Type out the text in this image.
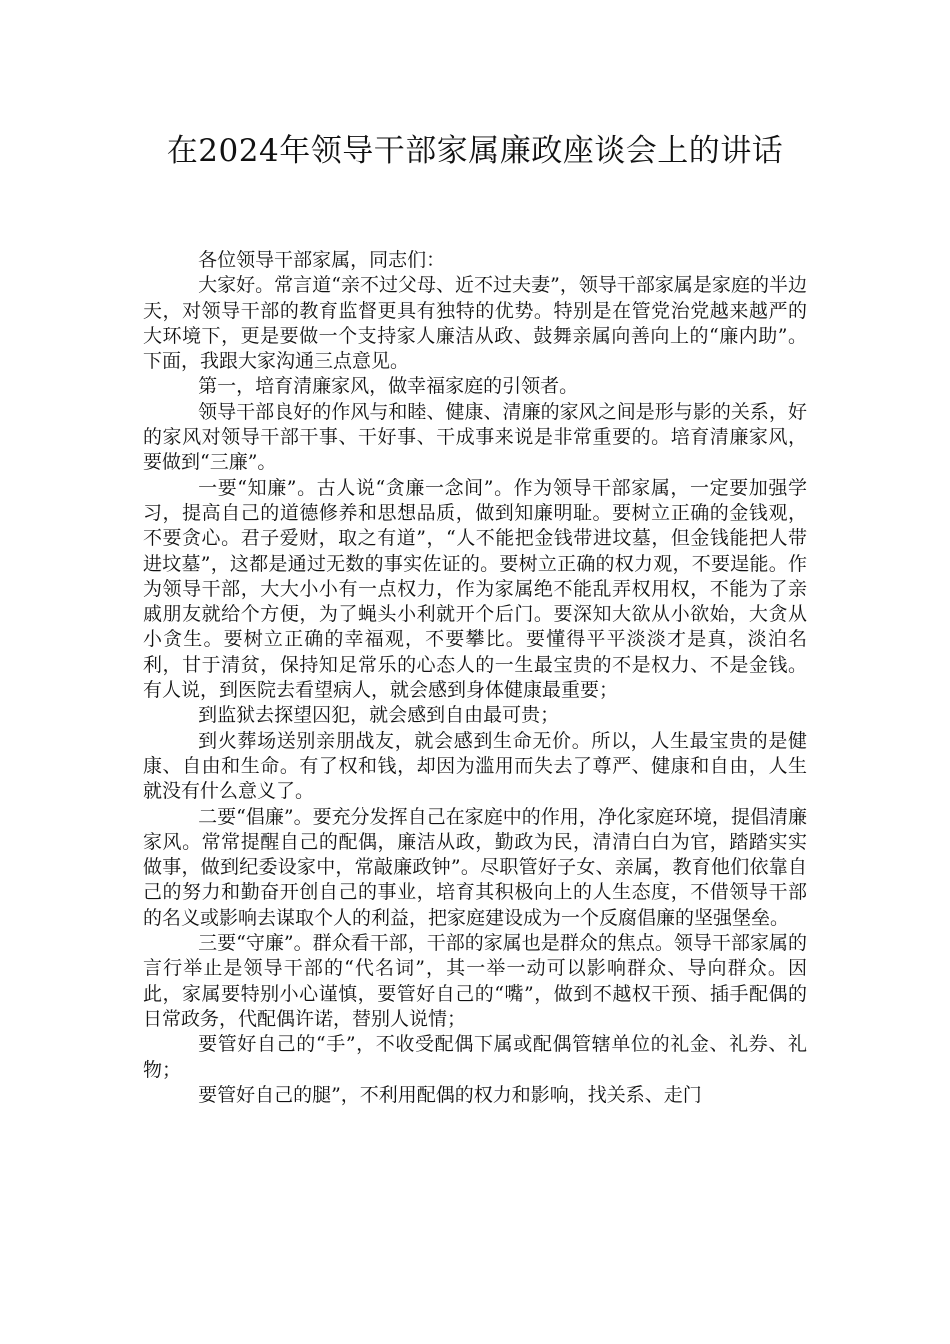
在2024年领导干部家属廉政座谈会上的讲话

各位领导干部家属，同志们：

大家好。常言道“亲不过父母、近不过夫妻”，领导干部家属是家庭的半边天，对领导干部的教育监督更具有独特的优势。特别是在管党治党越来越严的大环境下，更是要做一个支持家人廉洁从政、鼓舞亲属向善向上的“廉内助”。下面，我跟大家沟通三点意见。

第一，培育清廉家风，做幸福家庭的引领者。

领导干部良好的作风与和睦、健康、清廉的家风之间是形与影的关系，好的家风对领导干部干事、干好事、干成事来说是非常重要的。培育清廉家风，要做到“三廉”。

一要“知廉”。古人说“贪廉一念间”。作为领导干部家属，一定要加强学习，提高自己的道德修养和思想品质，做到知廉明耻。要树立正确的金钱观，不要贪心。君子爱财，取之有道”，“人不能把金钱带进坟墓，但金钱能把人带进坟墓”，这都是通过无数的事实佐证的。要树立正确的权力观，不要逞能。作为领导干部，大大小小有一点权力，作为家属绝不能乱弄权用权，不能为了亲戚朋友就给个方便，为了蝇头小利就开个后门。要深知大欲从小欲始，大贪从小贪生。要树立正确的幸福观，不要攀比。要懂得平平淡淡才是真，淡泊名利，甘于清贫，保持知足常乐的心态人的一生最宝贵的不是权力、不是金钱。有人说，到医院去看望病人，就会感到身体健康最重要；

到监狱去探望囚犯，就会感到自由最可贵；

到火葬场送别亲朋战友，就会感到生命无价。所以，人生最宝贵的是健康、自由和生命。有了权和钱，却因为滥用而失去了尊严、健康和自由，人生就没有什么意义了。

二要“倡廉”。要充分发挥自己在家庭中的作用，净化家庭环境，提倡清廉家风。常常提醒自己的配偶，廉洁从政，勤政为民，清清白白为官，踏踏实实做事，做到纪委设家中，常敲廉政钟”。尽职管好子女、亲属，教育他们依靠自己的努力和勤奋开创自己的事业，培育其积极向上的人生态度，不借领导干部的名义或影响去谋取个人的利益，把家庭建设成为一个反腐倡廉的坚强堡垒。

三要“守廉”。群众看干部，干部的家属也是群众的焦点。领导干部家属的言行举止是领导干部的“代名词”，其一举一动可以影响群众、导向群众。因此，家属要特别小心谨慎，要管好自己的“嘴”，做到不越权干预、插手配偶的日常政务，代配偶许诺，替别人说情；

要管好自己的“手”，不收受配偶下属或配偶管辖单位的礼金、礼券、礼物；

要管好自己的腿”，不利用配偶的权力和影响，找关系、走门
